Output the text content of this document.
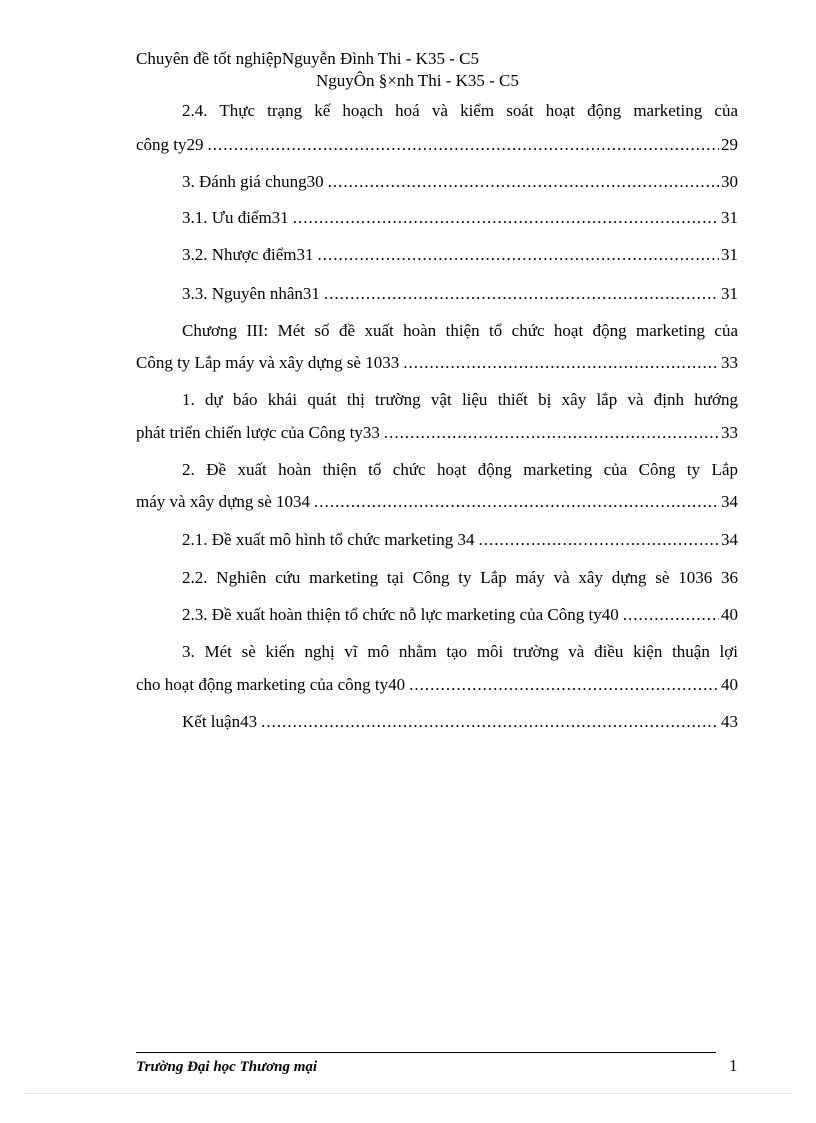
Chuyên đề tốt nghiệpNguyễn Đình Thi - K35 - C5
NguyÔn §×nh Thi - K35 - C5
2.4. Thực trạng kế hoạch hoá và kiểm soát hoạt động marketing của
công ty29 .....	29
3. Đánh giá chung30 .....	30
3.1. Ưu điểm31 .....	31
3.2. Nhược điểm31 .....	31
3.3. Nguyên nhân31 .....	31
Chương III: Mét số đề xuất hoàn thiện tổ chức hoạt động marketing của
Công ty Lắp máy và xây dựng sè 1033 .....	33
1. dự báo khái quát thị trường vật liệu thiết bị xây lắp và định hướng
phát triển chiến lược của Công ty33 .....	33
2. Đề xuất hoàn thiện tổ chức hoạt động marketing của Công ty Lắp
máy và xây dựng sè 1034 .....	34
2.1. Đề xuất mô hình tổ chức marketing 34 .....	34
2.2. Nghiên cứu marketing tại Công ty Lắp máy và xây dựng sè 1036 36
2.3. Đề xuất hoàn thiện tổ chức nỗ lực marketing của Công ty40 .....	40
3. Mét sè kiến nghị vĩ mô nhằm tạo môi trường và điều kiện thuận lợi
cho hoạt động marketing của công ty40 .....	40
Kết luận43 .....	43
Trường Đại học Thương mại	1
